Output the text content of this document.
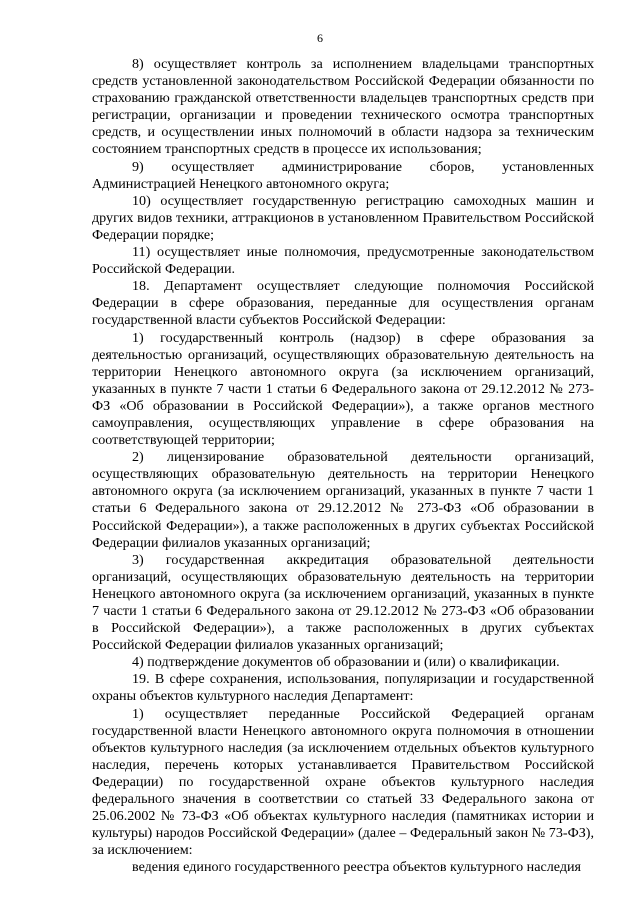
6

8) осуществляет контроль за исполнением владельцами транспортных средств установленной законодательством Российской Федерации обязанности по страхованию гражданской ответственности владельцев транспортных средств при регистрации, организации и проведении технического осмотра транспортных средств, и осуществлении иных полномочий в области надзора за техническим состоянием транспортных средств в процессе их использования;

9) осуществляет администрирование сборов, установленных Администрацией Ненецкого автономного округа;

10) осуществляет государственную регистрацию самоходных машин и других видов техники, аттракционов в установленном Правительством Российской Федерации порядке;

11) осуществляет иные полномочия, предусмотренные законодательством Российской Федерации.

18. Департамент осуществляет следующие полномочия Российской Федерации в сфере образования, переданные для осуществления органам государственной власти субъектов Российской Федерации:

1) государственный контроль (надзор) в сфере образования за деятельностью организаций, осуществляющих образовательную деятельность на территории Ненецкого автономного округа (за исключением организаций, указанных в пункте 7 части 1 статьи 6 Федерального закона от 29.12.2012 № 273-ФЗ «Об образовании в Российской Федерации»), а также органов местного самоуправления, осуществляющих управление в сфере образования на соответствующей территории;

2) лицензирование образовательной деятельности организаций, осуществляющих образовательную деятельность на территории Ненецкого автономного округа (за исключением организаций, указанных в пункте 7 части 1 статьи 6 Федерального закона от 29.12.2012 № 273-ФЗ «Об образовании в Российской Федерации»), а также расположенных в других субъектах Российской Федерации филиалов указанных организаций;

3) государственная аккредитация образовательной деятельности организаций, осуществляющих образовательную деятельность на территории Ненецкого автономного округа (за исключением организаций, указанных в пункте 7 части 1 статьи 6 Федерального закона от 29.12.2012 № 273-ФЗ «Об образовании в Российской Федерации»), а также расположенных в других субъектах Российской Федерации филиалов указанных организаций;

4) подтверждение документов об образовании и (или) о квалификации.

19. В сфере сохранения, использования, популяризации и государственной охраны объектов культурного наследия Департамент:

1) осуществляет переданные Российской Федерацией органам государственной власти Ненецкого автономного округа полномочия в отношении объектов культурного наследия (за исключением отдельных объектов культурного наследия, перечень которых устанавливается Правительством Российской Федерации) по государственной охране объектов культурного наследия федерального значения в соответствии со статьей 33 Федерального закона от 25.06.2002 № 73-ФЗ «Об объектах культурного наследия (памятниках истории и культуры) народов Российской Федерации» (далее – Федеральный закон № 73-ФЗ), за исключением:

ведения единого государственного реестра объектов культурного наследия
